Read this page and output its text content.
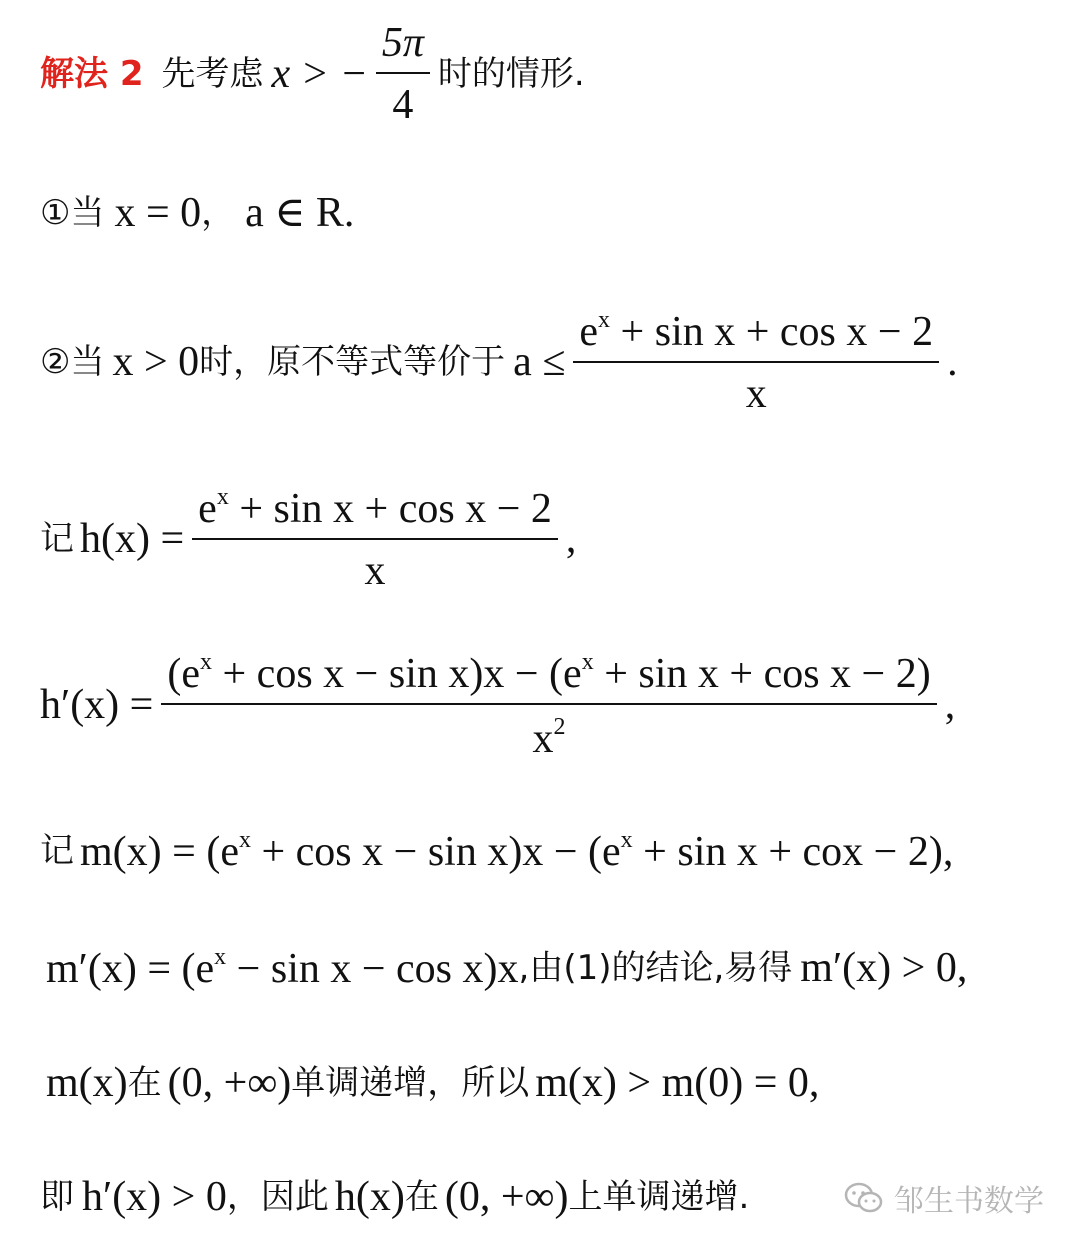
解法 2 先考虑 x > − $\frac{5\pi}{4}$ 时的情形.
①当 x = 0 ， a ∈ R .
②当 x > 0 时，原不等式等价于 $a \le \frac{e^x + \sin x + \cos x - 2}{x}$ .
记 $h(x) = \frac{e^x + \sin x + \cos x - 2}{x}$ ,
$h'(x) = \frac{(e^x + \cos x - \sin x)x - (e^x + \sin x + \cos x - 2)}{x^2}$ ,
记 $m(x) = (e^x + \cos x - \sin x)x - (e^x + \sin x$ + cox − 2),
$m'(x) = (e^x - \sin x - \cos x)x$ ,由(1)的结论,易得 m′(x) > 0 ,
m(x) 在 (0, +∞) 单调递增，所以 m(x) > m(0) = 0 ,
即 h′(x) > 0 ，因此 h(x) 在 (0, +∞) 上单调递增.	邹生书数学
